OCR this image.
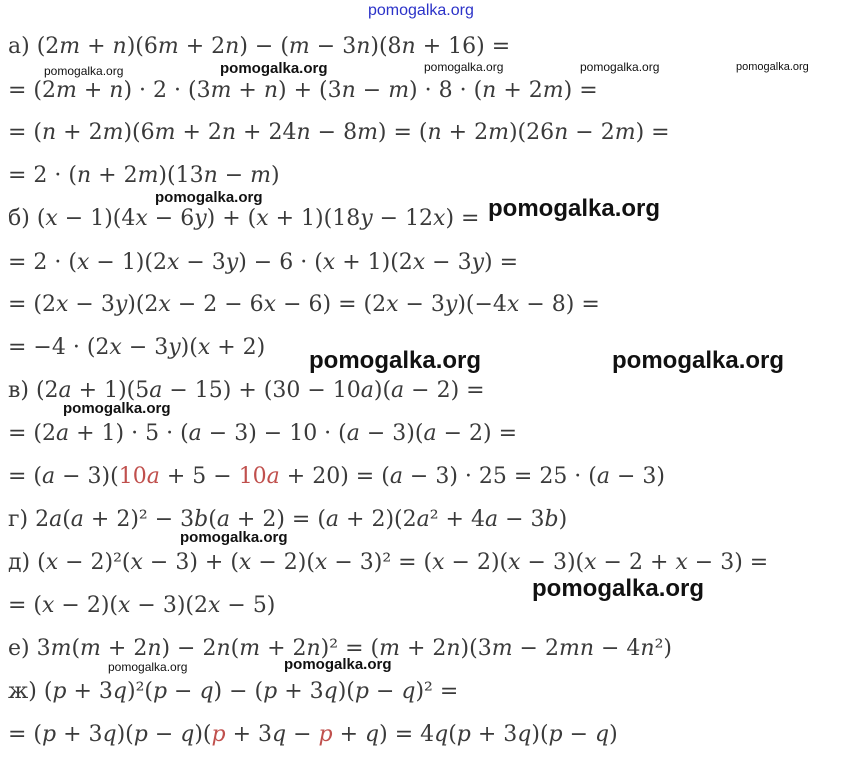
pomogalka.org
а) (2𝑚 + 𝑛)(6𝑚 + 2𝑛) − (𝑚 − 3𝑛)(8𝑛 + 16) =
= (2𝑚 + 𝑛) · 2 · (3𝑚 + 𝑛) + (3𝑛 − 𝑚) · 8 · (𝑛 + 2𝑚) =
= (𝑛 + 2𝑚)(6𝑚 + 2𝑛 + 24𝑛 − 8𝑚) = (𝑛 + 2𝑚)(26𝑛 − 2𝑚) =
= 2 · (𝑛 + 2𝑚)(13𝑛 − 𝑚)
б) (𝑥 − 1)(4𝑥 − 6𝑦) + (𝑥 + 1)(18𝑦 − 12𝑥) =
= 2 · (𝑥 − 1)(2𝑥 − 3𝑦) − 6 · (𝑥 + 1)(2𝑥 − 3𝑦) =
= (2𝑥 − 3𝑦)(2𝑥 − 2 − 6𝑥 − 6) = (2𝑥 − 3𝑦)(−4𝑥 − 8) =
= −4 · (2𝑥 − 3𝑦)(𝑥 + 2)
в) (2𝑎 + 1)(5𝑎 − 15) + (30 − 10𝑎)(𝑎 − 2) =
= (2𝑎 + 1) · 5 · (𝑎 − 3) − 10 · (𝑎 − 3)(𝑎 − 2) =
= (𝑎 − 3)(10𝑎 + 5 − 10𝑎 + 20) = (𝑎 − 3) · 25 = 25 · (𝑎 − 3)
г) 2𝑎(𝑎 + 2)² − 3𝑏(𝑎 + 2) = (𝑎 + 2)(2𝑎² + 4𝑎 − 3𝑏)
д) (𝑥 − 2)²(𝑥 − 3) + (𝑥 − 2)(𝑥 − 3)² = (𝑥 − 2)(𝑥 − 3)(𝑥 − 2 + 𝑥 − 3) =
= (𝑥 − 2)(𝑥 − 3)(2𝑥 − 5)
е) 3𝑚(𝑚 + 2𝑛) − 2𝑛(𝑚 + 2𝑛)² = (𝑚 + 2𝑛)(3𝑚 − 2𝑚𝑛 − 4𝑛²)
ж) (𝑝 + 3𝑞)²(𝑝 − 𝑞) − (𝑝 + 3𝑞)(𝑝 − 𝑞)² =
= (𝑝 + 3𝑞)(𝑝 − 𝑞)(𝑝 + 3𝑞 − 𝑝 + 𝑞) = 4𝑞(𝑝 + 3𝑞)(𝑝 − 𝑞)
pomogalka.org	pomogalka.org	pomogalka.org	pomogalka.org	pomogalka.org
pomogalka.org	pomogalka.org
pomogalka.org	pomogalka.org
pomogalka.org
pomogalka.org
pomogalka.org
pomogalka.org	pomogalka.org
